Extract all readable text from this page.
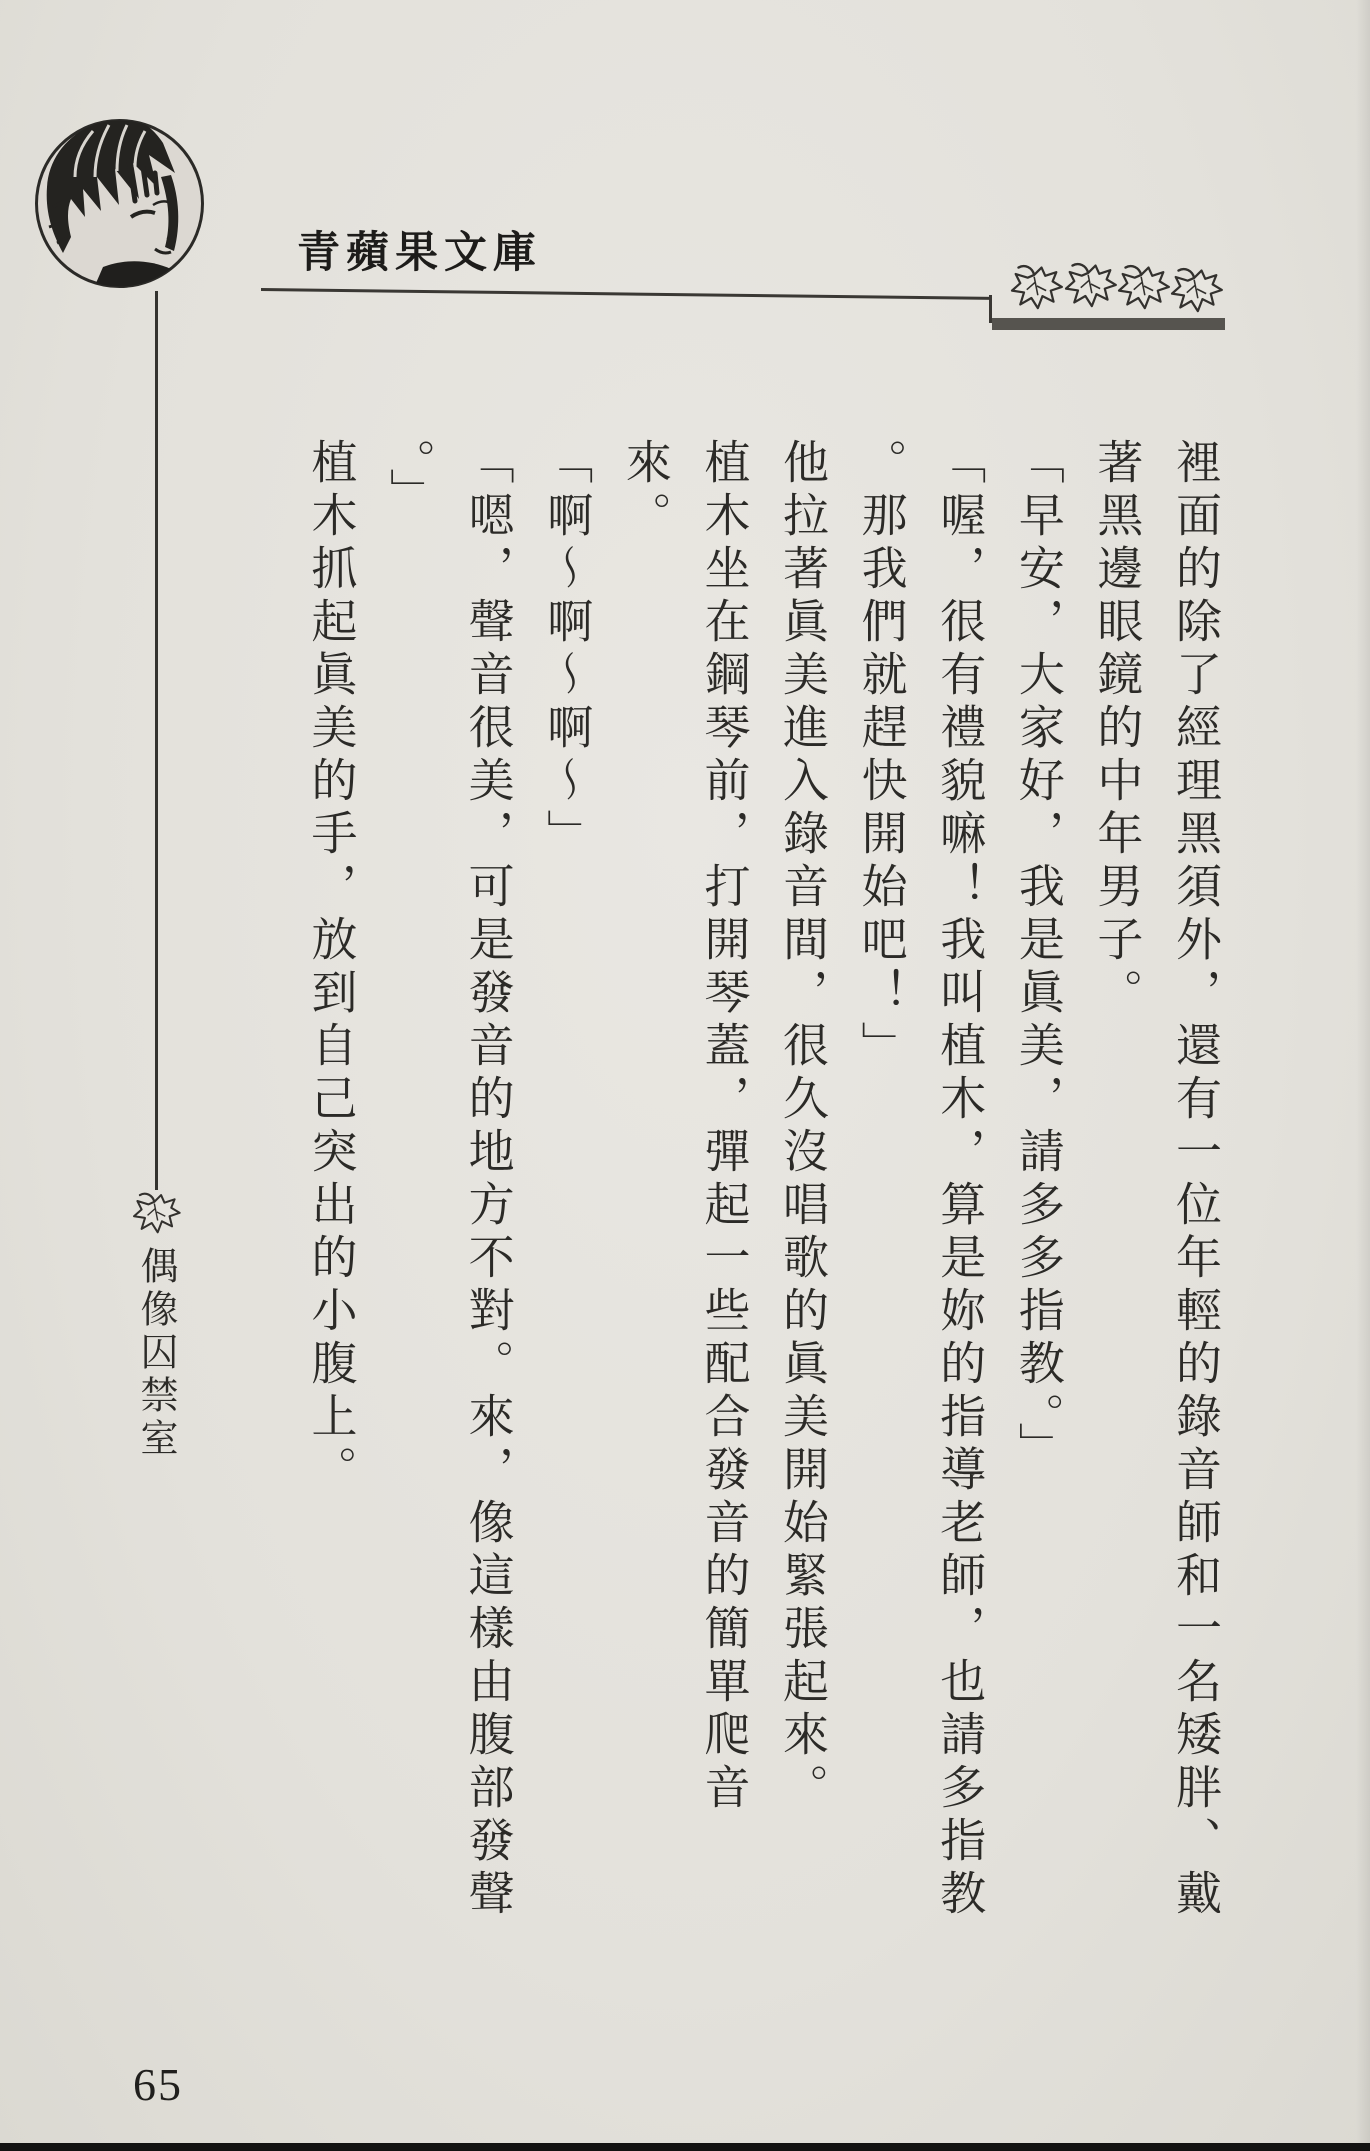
青蘋果文庫
偶像囚禁室	裡面的除了經理黑須外，還有一位年輕的錄音師和一名矮胖、戴

著黑邊眼鏡的中年男子。

「早安，大家好，我是眞美，請多多指教。」

「喔，很有禮貌嘛！我叫植木，算是妳的指導老師，也請多指教

。那我們就趕快開始吧！」

他拉著眞美進入錄音間，很久沒唱歌的眞美開始緊張起來。

植木坐在鋼琴前，打開琴蓋，彈起一些配合發音的簡單爬音

來。

「啊～啊～啊～」

「嗯，聲音很美，可是發音的地方不對。來，像這樣由腹部發聲

。」

植木抓起眞美的手，放到自己突出的小腹上。

65
